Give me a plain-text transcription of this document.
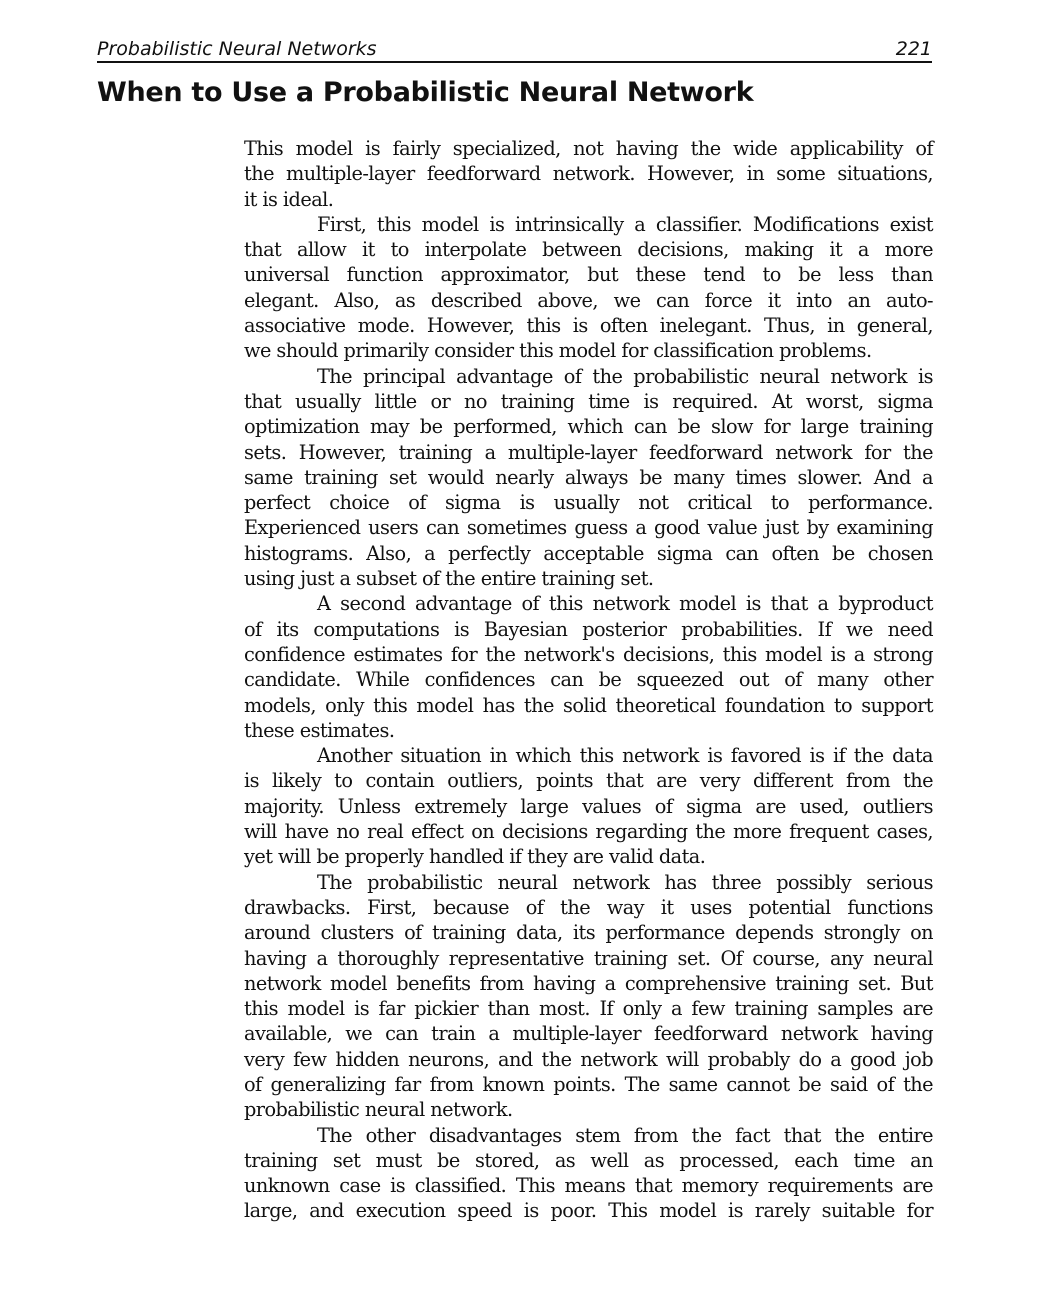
Probabilistic Neural Networks	221
When to Use a Probabilistic Neural Network
This model is fairly specialized, not having the wide applicability of
the multiple-layer feedforward network. However, in some situations,
it is ideal.
First, this model is intrinsically a classifier. Modifications exist
that allow it to interpolate between decisions, making it a more
universal function approximator, but these tend to be less than
elegant. Also, as described above, we can force it into an auto-
associative mode. However, this is often inelegant. Thus, in general,
we should primarily consider this model for classification problems.
The principal advantage of the probabilistic neural network is
that usually little or no training time is required. At worst, sigma
optimization may be performed, which can be slow for large training
sets. However, training a multiple-layer feedforward network for the
same training set would nearly always be many times slower. And a
perfect choice of sigma is usually not critical to performance.
Experienced users can sometimes guess a good value just by examining
histograms. Also, a perfectly acceptable sigma can often be chosen
using just a subset of the entire training set.
A second advantage of this network model is that a byproduct
of its computations is Bayesian posterior probabilities. If we need
confidence estimates for the network's decisions, this model is a strong
candidate. While confidences can be squeezed out of many other
models, only this model has the solid theoretical foundation to support
these estimates.
Another situation in which this network is favored is if the data
is likely to contain outliers, points that are very different from the
majority. Unless extremely large values of sigma are used, outliers
will have no real effect on decisions regarding the more frequent cases,
yet will be properly handled if they are valid data.
The probabilistic neural network has three possibly serious
drawbacks. First, because of the way it uses potential functions
around clusters of training data, its performance depends strongly on
having a thoroughly representative training set. Of course, any neural
network model benefits from having a comprehensive training set. But
this model is far pickier than most. If only a few training samples are
available, we can train a multiple-layer feedforward network having
very few hidden neurons, and the network will probably do a good job
of generalizing far from known points. The same cannot be said of the
probabilistic neural network.
The other disadvantages stem from the fact that the entire
training set must be stored, as well as processed, each time an
unknown case is classified. This means that memory requirements are
large, and execution speed is poor. This model is rarely suitable for
